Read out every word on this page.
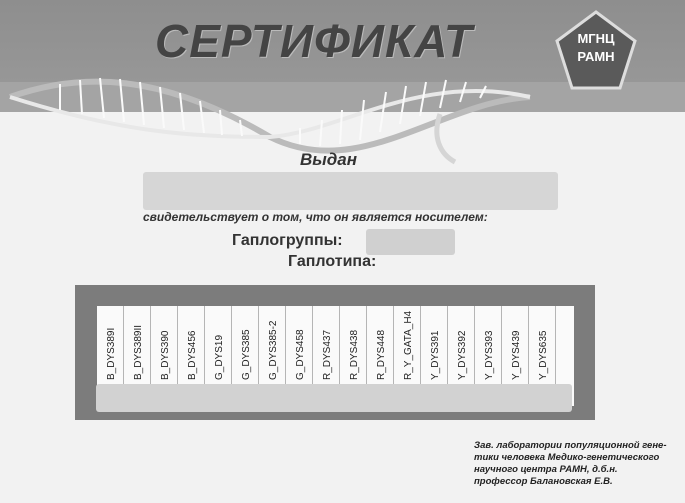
СЕРТИФИКАТ	МГНЦ
РАМН
Выдан
свидетельствует о том, что он является носителем:
Гаплогруппы:
Гаплотипа:
B_DYS389I B_DYS389II B_DYS390 B_DYS456 G_DYS19 G_DYS385 G_DYS385-2 G_DYS458 R_DYS437 R_DYS438 R_DYS448 R_Y_GATA_H4 Y_DYS391 Y_DYS392 Y_DYS393 Y_DYS439 Y_DYS635
Зав. лаборатории популяционной гене-
тики человека Медико-генетического
научного центра РАМН, д.б.н.
профессор Балановская Е.В.
